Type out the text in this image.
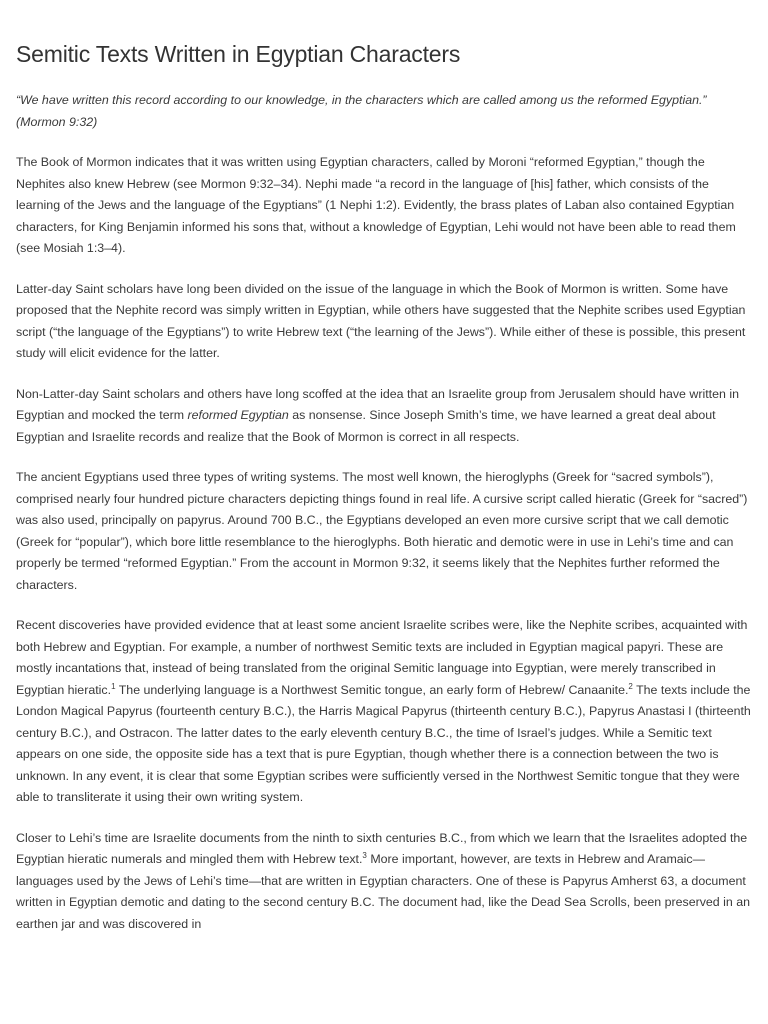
Semitic Texts Written in Egyptian Characters

“We have written this record according to our knowledge, in the characters which are called among us the reformed Egyptian.” (Mormon 9:32)

The Book of Mormon indicates that it was written using Egyptian characters, called by Moroni “reformed Egyptian,” though the Nephites also knew Hebrew (see Mormon 9:32–34). Nephi made “a record in the language of [his] father, which consists of the learning of the Jews and the language of the Egyptians” (1 Nephi 1:2). Evidently, the brass plates of Laban also contained Egyptian characters, for King Benjamin informed his sons that, without a knowledge of Egyptian, Lehi would not have been able to read them (see Mosiah 1:3–4).

Latter-day Saint scholars have long been divided on the issue of the language in which the Book of Mormon is written. Some have proposed that the Nephite record was simply written in Egyptian, while others have suggested that the Nephite scribes used Egyptian script (“the language of the Egyptians”) to write Hebrew text (“the learning of the Jews”). While either of these is possible, this present study will elicit evidence for the latter.

Non-Latter-day Saint scholars and others have long scoffed at the idea that an Israelite group from Jerusalem should have written in Egyptian and mocked the term reformed Egyptian as nonsense. Since Joseph Smith’s time, we have learned a great deal about Egyptian and Israelite records and realize that the Book of Mormon is correct in all respects.

The ancient Egyptians used three types of writing systems. The most well known, the hieroglyphs (Greek for “sacred symbols”), comprised nearly four hundred picture characters depicting things found in real life. A cursive script called hieratic (Greek for “sacred”) was also used, principally on papyrus. Around 700 B.C., the Egyptians developed an even more cursive script that we call demotic (Greek for “popular”), which bore little resemblance to the hieroglyphs. Both hieratic and demotic were in use in Lehi’s time and can properly be termed “reformed Egyptian.” From the account in Mormon 9:32, it seems likely that the Nephites further reformed the characters.

Recent discoveries have provided evidence that at least some ancient Israelite scribes were, like the Nephite scribes, acquainted with both Hebrew and Egyptian. For example, a number of northwest Semitic texts are included in Egyptian magical papyri. These are mostly incantations that, instead of being translated from the original Semitic language into Egyptian, were merely transcribed in Egyptian hieratic.$^1$ The underlying language is a Northwest Semitic tongue, an early form of Hebrew/ Canaanite.$^2$ The texts include the London Magical Papyrus (fourteenth century B.C.), the Harris Magical Papyrus (thirteenth century B.C.), Papyrus Anastasi I (thirteenth century B.C.), and Ostracon. The latter dates to the early eleventh century B.C., the time of Israel’s judges. While a Semitic text appears on one side, the opposite side has a text that is pure Egyptian, though whether there is a connection between the two is unknown. In any event, it is clear that some Egyptian scribes were sufficiently versed in the Northwest Semitic tongue that they were able to transliterate it using their own writing system.

Closer to Lehi’s time are Israelite documents from the ninth to sixth centuries B.C., from which we learn that the Israelites adopted the Egyptian hieratic numerals and mingled them with Hebrew text.$^3$ More important, however, are texts in Hebrew and Aramaic—languages used by the Jews of Lehi’s time—that are written in Egyptian characters. One of these is Papyrus Amherst 63, a document written in Egyptian demotic and dating to the second century B.C. The document had, like the Dead Sea Scrolls, been preserved in an earthen jar and was discovered in
